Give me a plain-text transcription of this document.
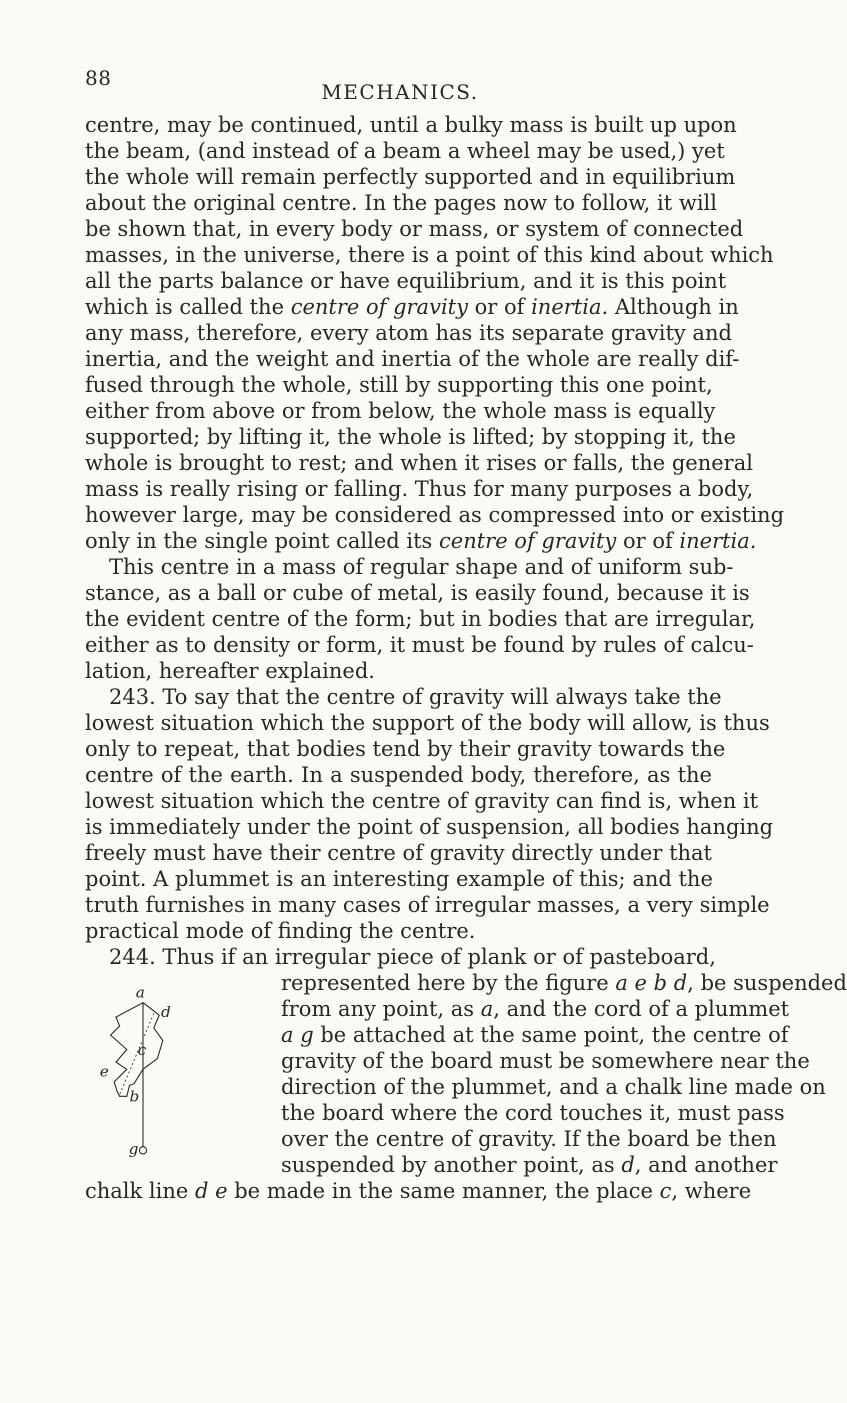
88
MECHANICS.
centre, may be continued, until a bulky mass is built up upon
the beam, (and instead of a beam a wheel may be used,) yet
the whole will remain perfectly supported and in equilibrium
about the original centre. In the pages now to follow, it will
be shown that, in every body or mass, or system of connected
masses, in the universe, there is a point of this kind about which
all the parts balance or have equilibrium, and it is this point
which is called the centre of gravity or of inertia. Although in
any mass, therefore, every atom has its separate gravity and
inertia, and the weight and inertia of the whole are really dif-
fused through the whole, still by supporting this one point,
either from above or from below, the whole mass is equally
supported; by lifting it, the whole is lifted; by stopping it, the
whole is brought to rest; and when it rises or falls, the general
mass is really rising or falling. Thus for many purposes a body,
however large, may be considered as compressed into or existing
only in the single point called its centre of gravity or of inertia.
This centre in a mass of regular shape and of uniform sub-
stance, as a ball or cube of metal, is easily found, because it is
the evident centre of the form; but in bodies that are irregular,
either as to density or form, it must be found by rules of calcu-
lation, hereafter explained.
243. To say that the centre of gravity will always take the
lowest situation which the support of the body will allow, is thus
only to repeat, that bodies tend by their gravity towards the
centre of the earth. In a suspended body, therefore, as the
lowest situation which the centre of gravity can find is, when it
is immediately under the point of suspension, all bodies hanging
freely must have their centre of gravity directly under that
point. A plummet is an interesting example of this; and the
truth furnishes in many cases of irregular masses, a very simple
practical mode of finding the centre.
244. Thus if an irregular piece of plank or of pasteboard,
represented here by the figure a e b d, be suspended
from any point, as a, and the cord of a plummet
a g be attached at the same point, the centre of
gravity of the board must be somewhere near the
direction of the plummet, and a chalk line made on
the board where the cord touches it, must pass
over the centre of gravity. If the board be then
suspended by another point, as d, and another
chalk line d e be made in the same manner, the place c, where
a
d
c
e
b
g
